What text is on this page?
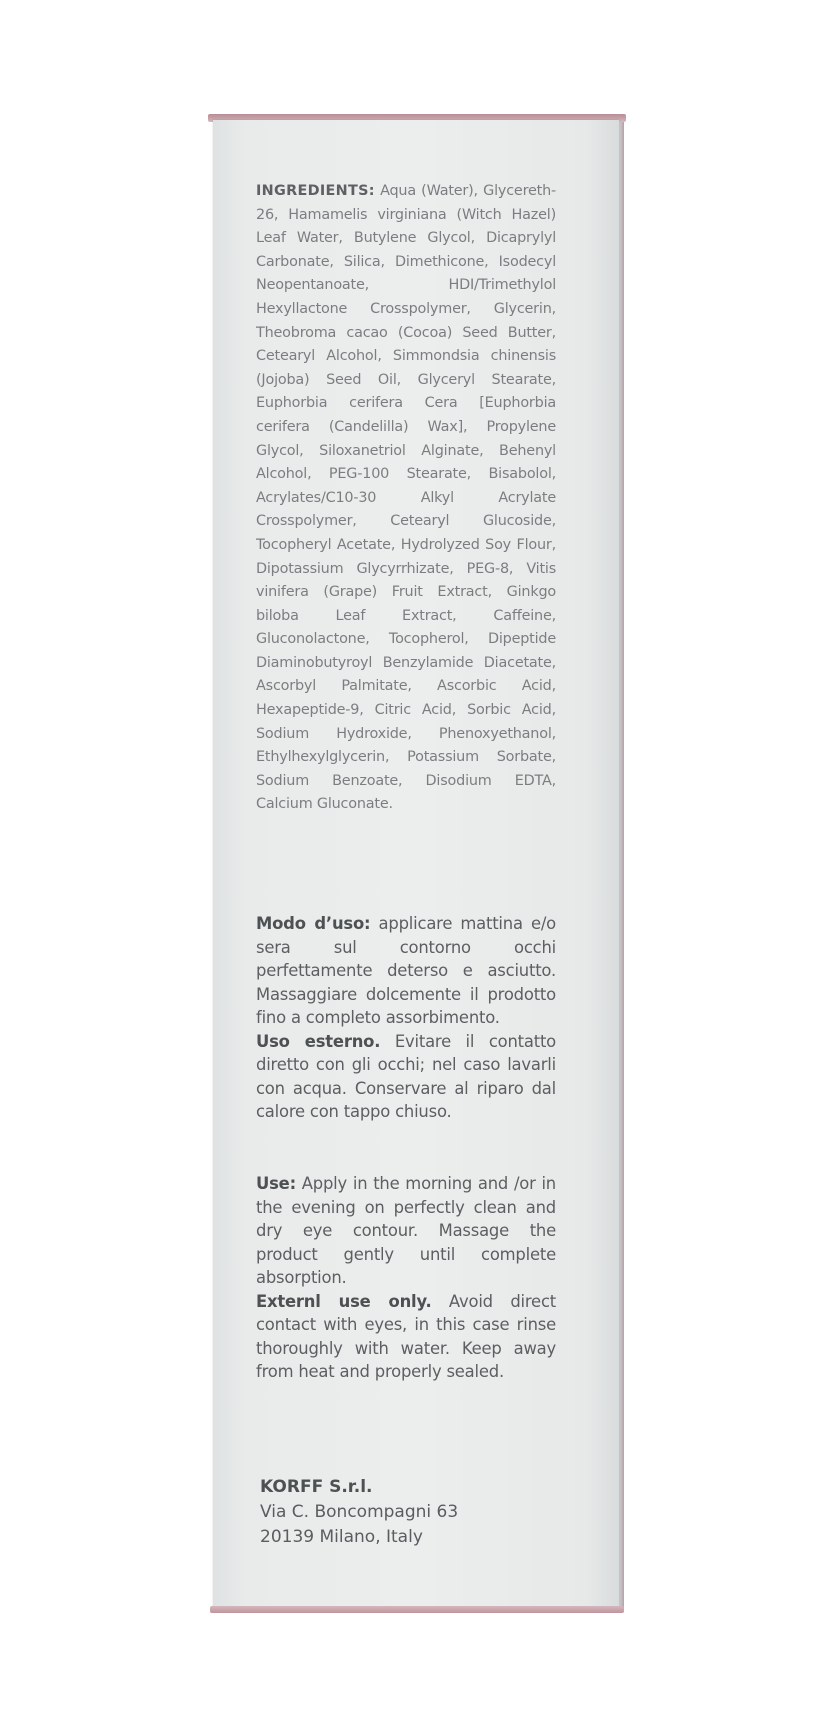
INGREDIENTS: Aqua (Water), Glycereth-26, Hamamelis virginiana (Witch Hazel) Leaf Water, Butylene Glycol, Dicaprylyl Carbonate, Silica, Dimethicone, Isodecyl Neopentanoate, HDI/Trimethylol Hexyllactone Crosspolymer, Glycerin, Theobroma cacao (Cocoa) Seed Butter, Cetearyl Alcohol, Simmondsia chinensis (Jojoba) Seed Oil, Glyceryl Stearate, Euphorbia cerifera Cera [Euphorbia cerifera (Candelilla) Wax], Propylene Glycol, Siloxanetriol Alginate, Behenyl Alcohol, PEG-100 Stearate, Bisabolol, Acrylates/C10-30 Alkyl Acrylate Crosspolymer, Cetearyl Glucoside, Tocopheryl Acetate, Hydrolyzed Soy Flour, Dipotassium Glycyrrhizate, PEG-8, Vitis vinifera (Grape) Fruit Extract, Ginkgo biloba Leaf Extract, Caffeine, Gluconolactone, Tocopherol, Dipeptide Diaminobutyroyl Benzylamide Diacetate, Ascorbyl Palmitate, Ascorbic Acid, Hexapeptide-9, Citric Acid, Sorbic Acid, Sodium Hydroxide, Phenoxyethanol, Ethylhexylglycerin, Potassium Sorbate, Sodium Benzoate, Disodium EDTA, Calcium Gluconate.
Modo d’uso: applicare mattina e/o sera sul contorno occhi perfettamente deterso e asciutto. Massaggiare dolcemente il prodotto fino a completo assorbimento.
Uso esterno. Evitare il contatto diretto con gli occhi; nel caso lavarli con acqua. Conservare al riparo dal calore con tappo chiuso.
Use: Apply in the morning and /or in the evening on perfectly clean and dry eye contour. Massage the product gently until complete absorption.
Externl use only. Avoid direct contact with eyes, in this case rinse thoroughly with water. Keep away from heat and properly sealed.
KORFF S.r.l.
Via C. Boncompagni 63
20139 Milano, Italy
